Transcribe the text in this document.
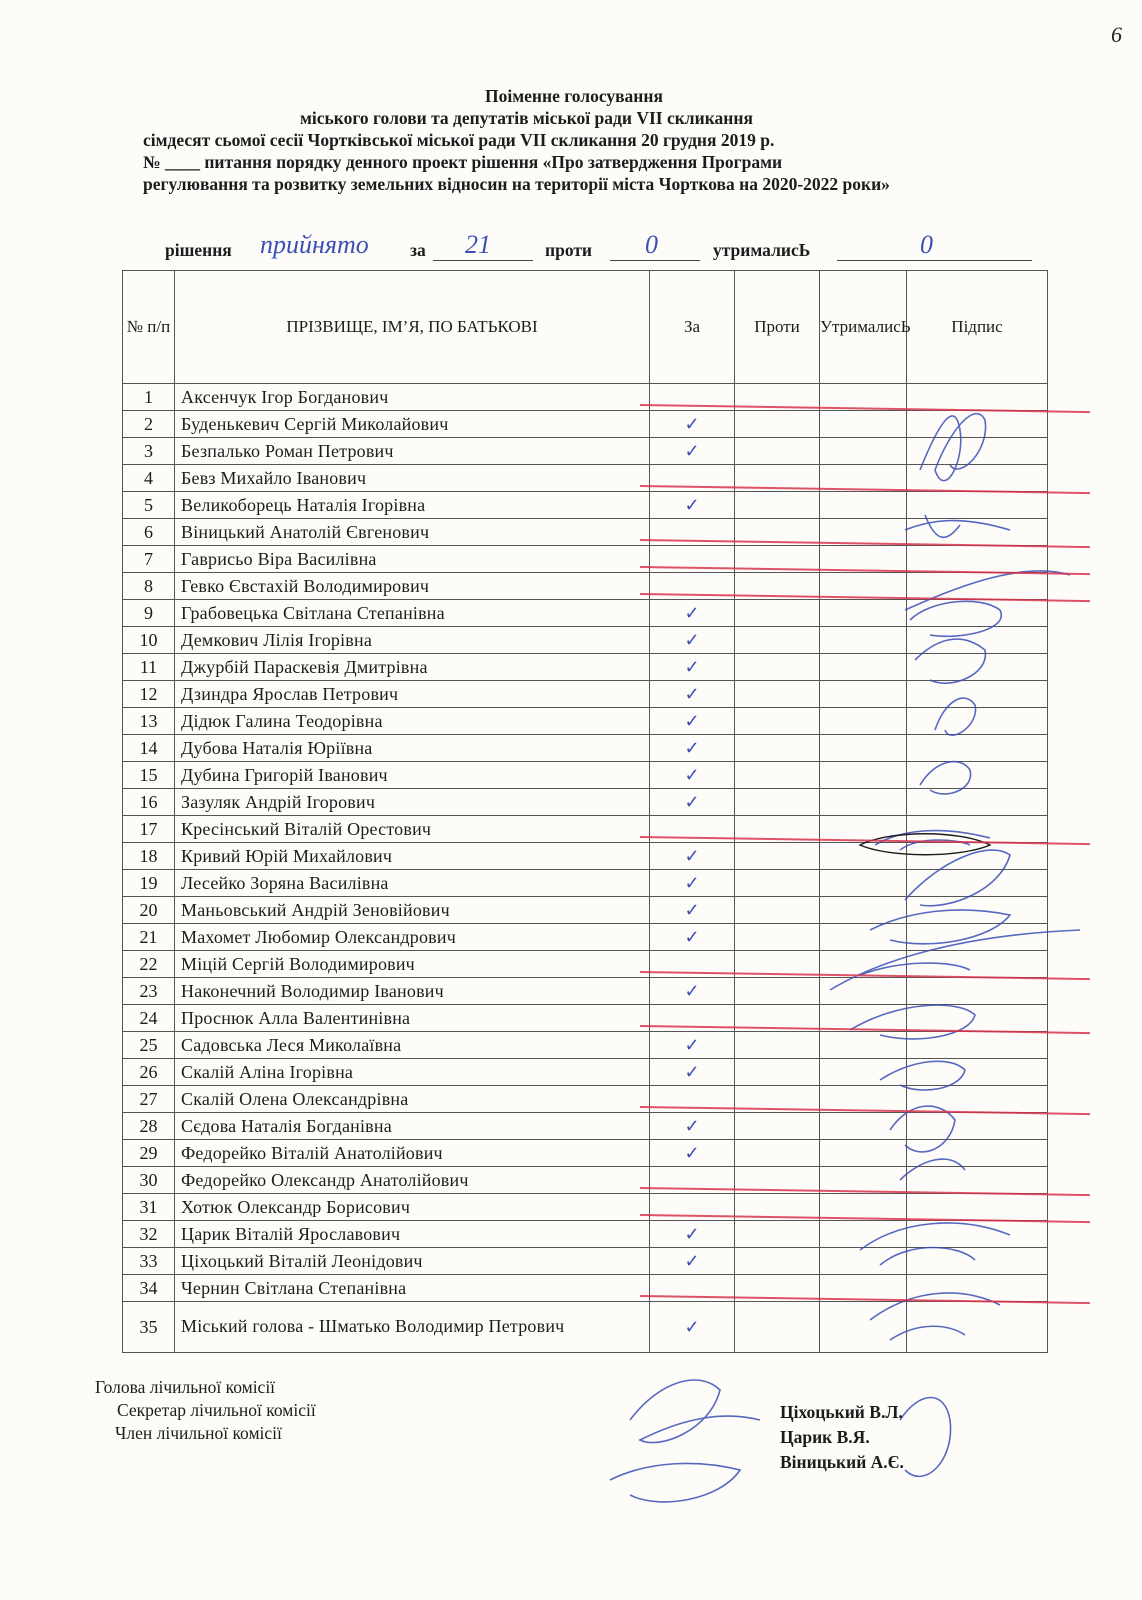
6
Поіменне голосування
міського голови та депутатів міської ради VII скликання
сімдесят сьомої сесії Чортківської міської ради VII скликання 20 грудня 2019 р.
№ ____ питання порядку денного проект рішення «Про затвердження Програми
регулювання та розвитку земельних відносин на території міста Чорткова на 2020-2022 роки»
рішення прийнято за 21	проти 0	утрималисЬ	0
№ п/п	ПРІЗВИЩЕ, ІМ’Я, ПО БАТЬКОВІ	За	Проти	УтрималисЬ	Підпис
1	Аксенчук Ігор Богданович				
2	Буденькевич Сергій Миколайович	✓			
3	Безпалько Роман Петрович	✓			
4	Бевз Михайло Іванович				
5	Великоборець Наталія Ігорівна	✓			
6	Віницький Анатолій Євгенович				
7	Гаврисьо Віра Василівна				
8	Гевко Євстахій Володимирович				
9	Грабовецька Світлана Степанівна	✓			
10	Демкович Лілія Ігорівна	✓			
11	Джурбій Параскевія Дмитрівна	✓			
12	Дзиндра Ярослав Петрович	✓			
13	Дідюк Галина Теодорівна	✓			
14	Дубова Наталія Юріївна	✓			
15	Дубина Григорій Іванович	✓			
16	Зазуляк Андрій Ігорович	✓			
17	Кресінський Віталій Орестович				
18	Кривий Юрій Михайлович	✓			
19	Лесейко Зоряна Василівна	✓			
20	Маньовський Андрій Зеновійович	✓			
21	Махомет Любомир Олександрович	✓			
22	Міцій Сергій Володимирович				
23	Наконечний Володимир Іванович	✓			
24	Проснюк Алла Валентинівна				
25	Садовська Леся Миколаївна	✓			
26	Скалій Аліна Ігорівна	✓			
27	Скалій Олена Олександрівна				
28	Сєдова Наталія Богданівна	✓			
29	Федорейко Віталій Анатолійович	✓			
30	Федорейко Олександр Анатолійович				
31	Хотюк Олександр Борисович				
32	Царик Віталій Ярославович	✓			
33	Ціхоцький Віталій Леонідович	✓			
34	Чернин Світлана Степанівна				
35	Міський голова - Шматько Володимир Петрович	✓			
Голова лічильної комісії
Секретар лічильної комісії
Член лічильної комісії
Ціхоцький В.Л.
Царик В.Я.
Віницький А.Є.
